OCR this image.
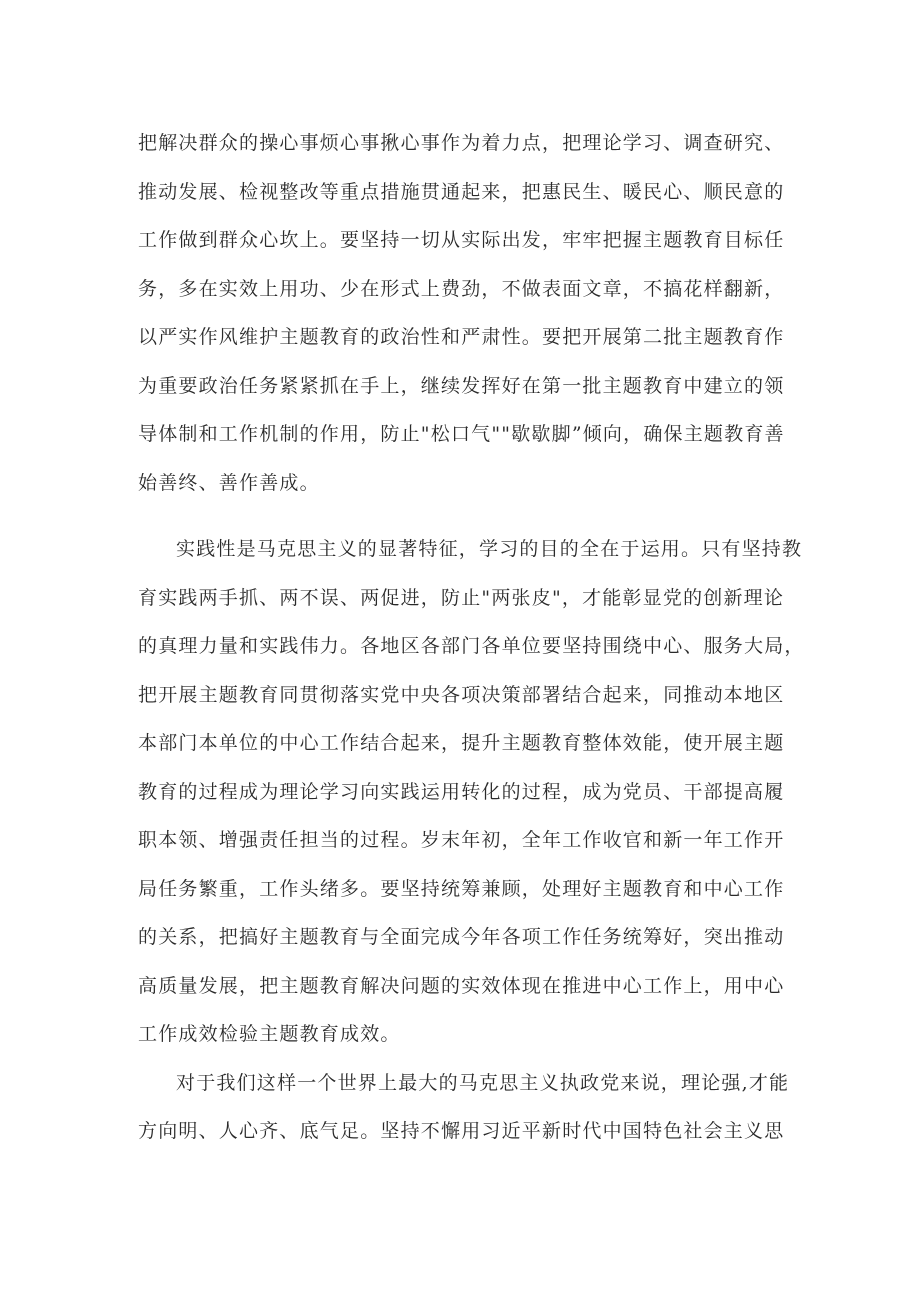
把解决群众的操心事烦心事揪心事作为着力点，把理论学习、调查研究、
推动发展、检视整改等重点措施贯通起来，把惠民生、暖民心、顺民意的
工作做到群众心坎上。要坚持一切从实际出发，牢牢把握主题教育目标任
务，多在实效上用功、少在形式上费劲，不做表面文章，不搞花样翻新，
以严实作风维护主题教育的政治性和严肃性。要把开展第二批主题教育作
为重要政治任务紧紧抓在手上，继续发挥好在第一批主题教育中建立的领
导体制和工作机制的作用，防止"松口气""歇歇脚”倾向，确保主题教育善
始善终、善作善成。
实践性是马克思主义的显著特征，学习的目的全在于运用。只有坚持教
育实践两手抓、两不误、两促进，防止"两张皮"，才能彰显党的创新理论
的真理力量和实践伟力。各地区各部门各单位要坚持围绕中心、服务大局，
把开展主题教育同贯彻落实党中央各项决策部署结合起来，同推动本地区
本部门本单位的中心工作结合起来，提升主题教育整体效能，使开展主题
教育的过程成为理论学习向实践运用转化的过程，成为党员、干部提高履
职本领、增强责任担当的过程。岁末年初，全年工作收官和新一年工作开
局任务繁重，工作头绪多。要坚持统筹兼顾，处理好主题教育和中心工作
的关系，把搞好主题教育与全面完成今年各项工作任务统筹好，突出推动
高质量发展，把主题教育解决问题的实效体现在推进中心工作上，用中心
工作成效检验主题教育成效。
对于我们这样一个世界上最大的马克思主义执政党来说，理论强,才能
方向明、人心齐、底气足。坚持不懈用习近平新时代中国特色社会主义思
